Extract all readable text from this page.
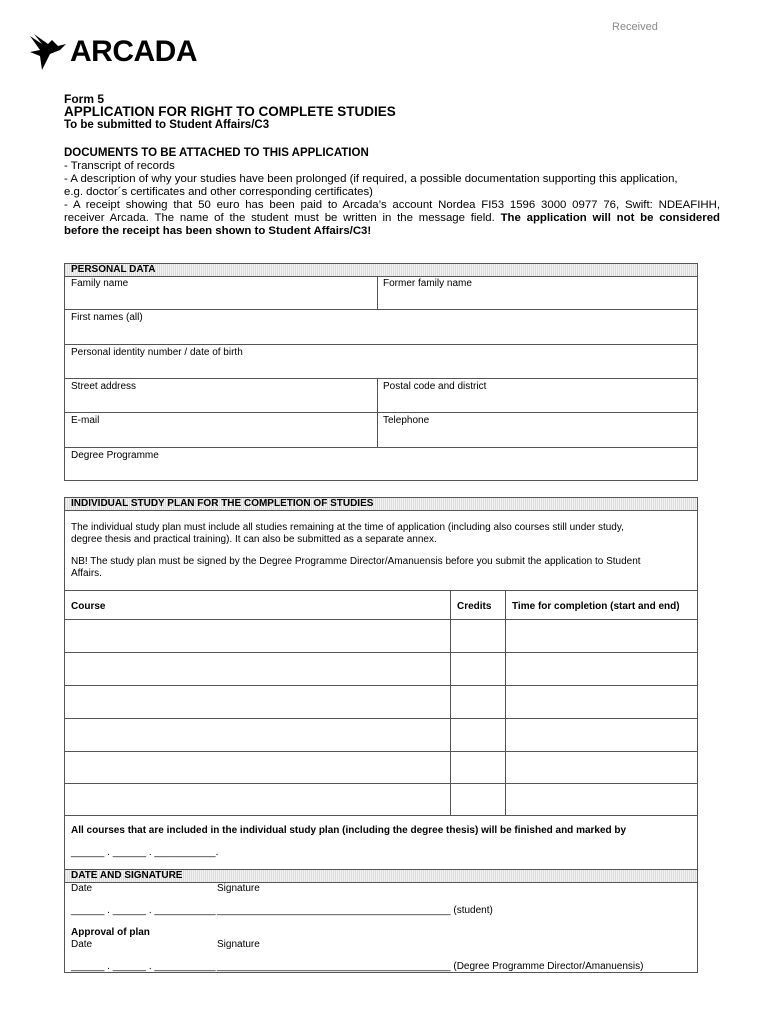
Received
ARCADA
Form 5
APPLICATION FOR RIGHT TO COMPLETE STUDIES
To be submitted to Student Affairs/C3
DOCUMENTS TO BE ATTACHED TO THIS APPLICATION
- Transcript of records
- A description of why your studies have been prolonged (if required, a possible documentation supporting this application,
e.g. doctor´s certificates and other corresponding certificates)
- A receipt showing that 50 euro has been paid to Arcada’s account Nordea FI53 1596 3000 0977 76, Swift: NDEAFIHH,
receiver Arcada. The name of the student must be written in the message field. The application will not be considered
before the receipt has been shown to Student Affairs/C3!
PERSONAL DATA
Family name	Former family name
First names (all)
Personal identity number / date of birth
Street address	Postal code and district
E-mail	Telephone
Degree Programme
INDIVIDUAL STUDY PLAN FOR THE COMPLETION OF STUDIES
The individual study plan must include all studies remaining at the time of application (including also courses still under study,
degree thesis and practical training). It can also be submitted as a separate annex.
NB! The study plan must be signed by the Degree Programme Director/Amanuensis before you submit the application to Student
Affairs.
Course	Credits Time for completion (start and end)
All courses that are included in the individual study plan (including the degree thesis) will be finished and marked by
______ . ______ . ___________.
DATE AND SIGNATURE
Date	Signature
______ . ______ . ___________ __________________________________________ (student)
Approval of plan
Date	Signature
______ . ______ . ___________ __________________________________________ (Degree Programme Director/Amanuensis)
